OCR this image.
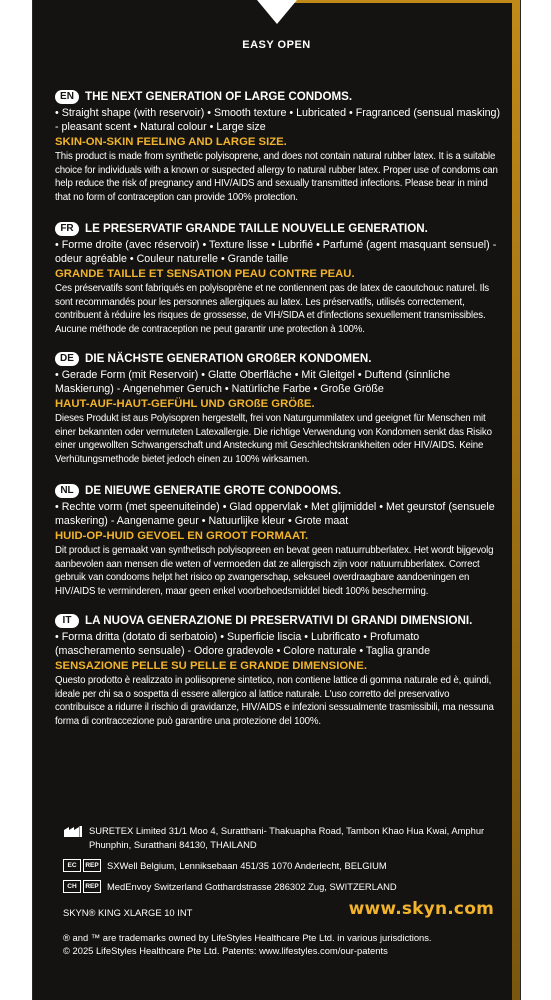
EASY OPEN
EN THE NEXT GENERATION OF LARGE CONDOMS.
• Straight shape (with reservoir) • Smooth texture • Lubricated • Fragranced (sensual masking) - pleasant scent • Natural colour • Large size
SKIN-ON-SKIN FEELING AND LARGE SIZE.
This product is made from synthetic polyisoprene, and does not contain natural rubber latex. It is a suitable choice for individuals with a known or suspected allergy to natural rubber latex. Proper use of condoms can help reduce the risk of pregnancy and HIV/AIDS and sexually transmitted infections. Please bear in mind that no form of contraception can provide 100% protection.
FR LE PRESERVATIF GRANDE TAILLE NOUVELLE GENERATION.
• Forme droite (avec réservoir) • Texture lisse • Lubrifié • Parfumé (agent masquant sensuel) - odeur agréable • Couleur naturelle • Grande taille
GRANDE TAILLE ET SENSATION PEAU CONTRE PEAU.
Ces préservatifs sont fabriqués en polyisoprène et ne contiennent pas de latex de caoutchouc naturel. Ils sont recommandés pour les personnes allergiques au latex. Les préservatifs, utilisés correctement, contribuent à réduire les risques de grossesse, de VIH/SIDA et d'infections sexuellement transmissibles. Aucune méthode de contraception ne peut garantir une protection à 100%.
DE DIE NÄCHSTE GENERATION GROßER KONDOMEN.
• Gerade Form (mit Reservoir) • Glatte Oberfläche • Mit Gleitgel • Duftend (sinnliche Maskierung) - Angenehmer Geruch • Natürliche Farbe • Große Größe
HAUT-AUF-HAUT-GEFÜHL UND GROßE GRÖßE.
Dieses Produkt ist aus Polyisopren hergestellt, frei von Naturgummilatex und geeignet für Menschen mit einer bekannten oder vermuteten Latexallergie. Die richtige Verwendung von Kondomen senkt das Risiko einer ungewollten Schwangerschaft und Ansteckung mit Geschlechtskrankheiten oder HIV/AIDS. Keine Verhütungsmethode bietet jedoch einen zu 100% wirksamen.
NL DE NIEUWE GENERATIE GROTE CONDOOMS.
• Rechte vorm (met speenuiteinde) • Glad oppervlak • Met glijmiddel • Met geurstof (sensuele maskering) - Aangename geur • Natuurlijke kleur • Grote maat
HUID-OP-HUID GEVOEL EN GROOT FORMAAT.
Dit product is gemaakt van synthetisch polyisopreen en bevat geen natuurrubberlatex. Het wordt bijgevolg aanbevolen aan mensen die weten of vermoeden dat ze allergisch zijn voor natuurrubberlatex. Correct gebruik van condooms helpt het risico op zwangerschap, seksueel overdraagbare aandoeningen en HIV/AIDS te verminderen, maar geen enkel voorbehoedsmiddel biedt 100% bescherming.
IT	LA NUOVA GENERAZIONE DI PRESERVATIVI DI GRANDI DIMENSIONI.
• Forma dritta (dotato di serbatoio) • Superficie liscia • Lubrificato • Profumato (mascheramento sensuale) - Odore gradevole • Colore naturale • Taglia grande
SENSAZIONE PELLE SU PELLE E GRANDE DIMENSIONE.
Questo prodotto è realizzato in poliisoprene sintetico, non contiene lattice di gomma naturale ed è, quindi, ideale per chi sa o sospetta di essere allergico al lattice naturale. L'uso corretto del preservativo contribuisce a ridurre il rischio di gravidanze, HIV/AIDS e infezioni sessualmente trasmissibili, ma nessuna forma di contraccezione può garantire una protezione del 100%.
SURETEX Limited 31/1 Moo 4, Suratthani- Thakuapha Road, Tambon Khao Hua Kwai, Amphur Phunphin, Suratthani 84130, THAILAND
EC	REP SXWell Belgium, Lenniksebaan 451/35 1070 Anderlecht, BELGIUM
CH	REP MedEnvoy Switzerland Gotthardstrasse 286302 Zug, SWITZERLAND
SKYN® KING XLARGE 10 INT	www.skyn.com
® and ™ are trademarks owned by LifeStyles Healthcare Pte Ltd. in various jurisdictions.
© 2025 LifeStyles Healthcare Pte Ltd. Patents: www.lifestyles.com/our-patents
